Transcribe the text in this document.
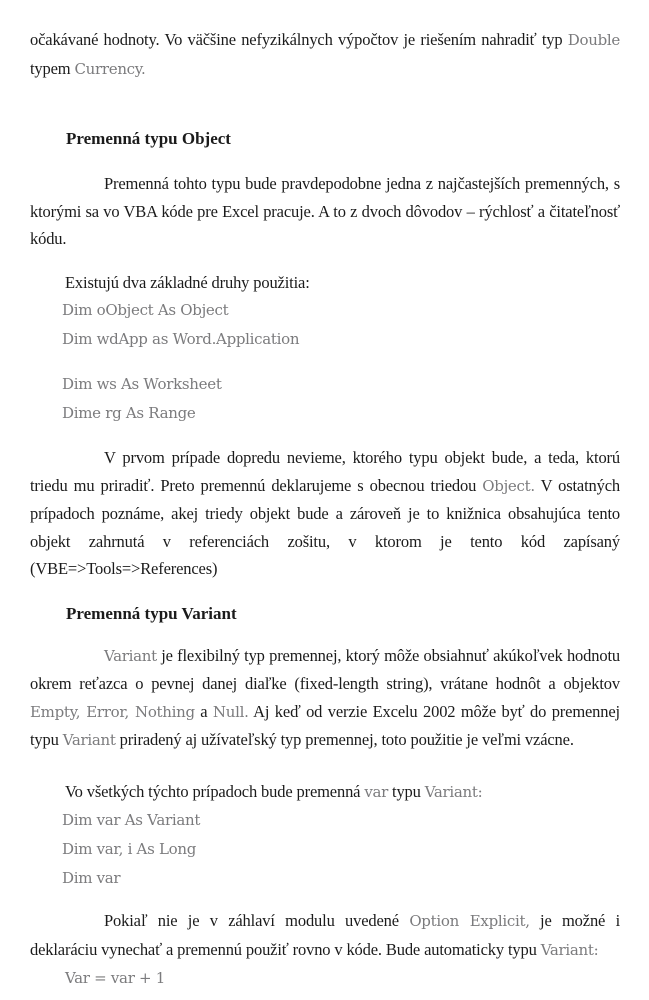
očakávané hodnoty. Vo väčšine nefyzikálnych výpočtov je riešením nahradiť typ Double typem Currency.

Premenná typu Object

Premenná tohto typu bude pravdepodobne jedna z najčastejších premenných, s ktorými sa vo VBA kóde pre Excel pracuje. A to z dvoch dôvodov – rýchlosť a čitateľnosť kódu.

Existujú dva základné druhy použitia:

Dim oObject As Object
Dim wdApp as Word.Application
Dim ws As Worksheet
Dime rg As Range

V prvom prípade dopredu nevieme, ktorého typu objekt bude, a teda, ktorú triedu mu priradiť. Preto premennú deklarujeme s obecnou triedou Object. V ostatných prípadoch poznáme, akej triedy objekt bude a zároveň je to knižnica obsahujúca tento objekt zahrnutá v referenciách zošitu, v ktorom je tento kód zapísaný (VBE=>Tools=>References)

Premenná typu Variant

Variant je flexibilný typ premennej, ktorý môže obsiahnuť akúkoľvek hodnotu okrem reťazca o pevnej danej diaľke (fixed-length string), vrátane hodnôt a objektov Empty, Error, Nothing a Null. Aj keď od verzie Excelu 2002 môže byť do premennej typu Variant priradený aj užívateľský typ premennej, toto použitie je veľmi vzácne.

Vo všetkých týchto prípadoch bude premenná var typu Variant:

Dim var As Variant
Dim var, i As Long
Dim var

Pokiaľ nie je v záhlaví modulu uvedené Option Explicit, je možné i deklaráciu vynechať a premennú použiť rovno v kóde. Bude automaticky typu Variant:

Var = var + 1
